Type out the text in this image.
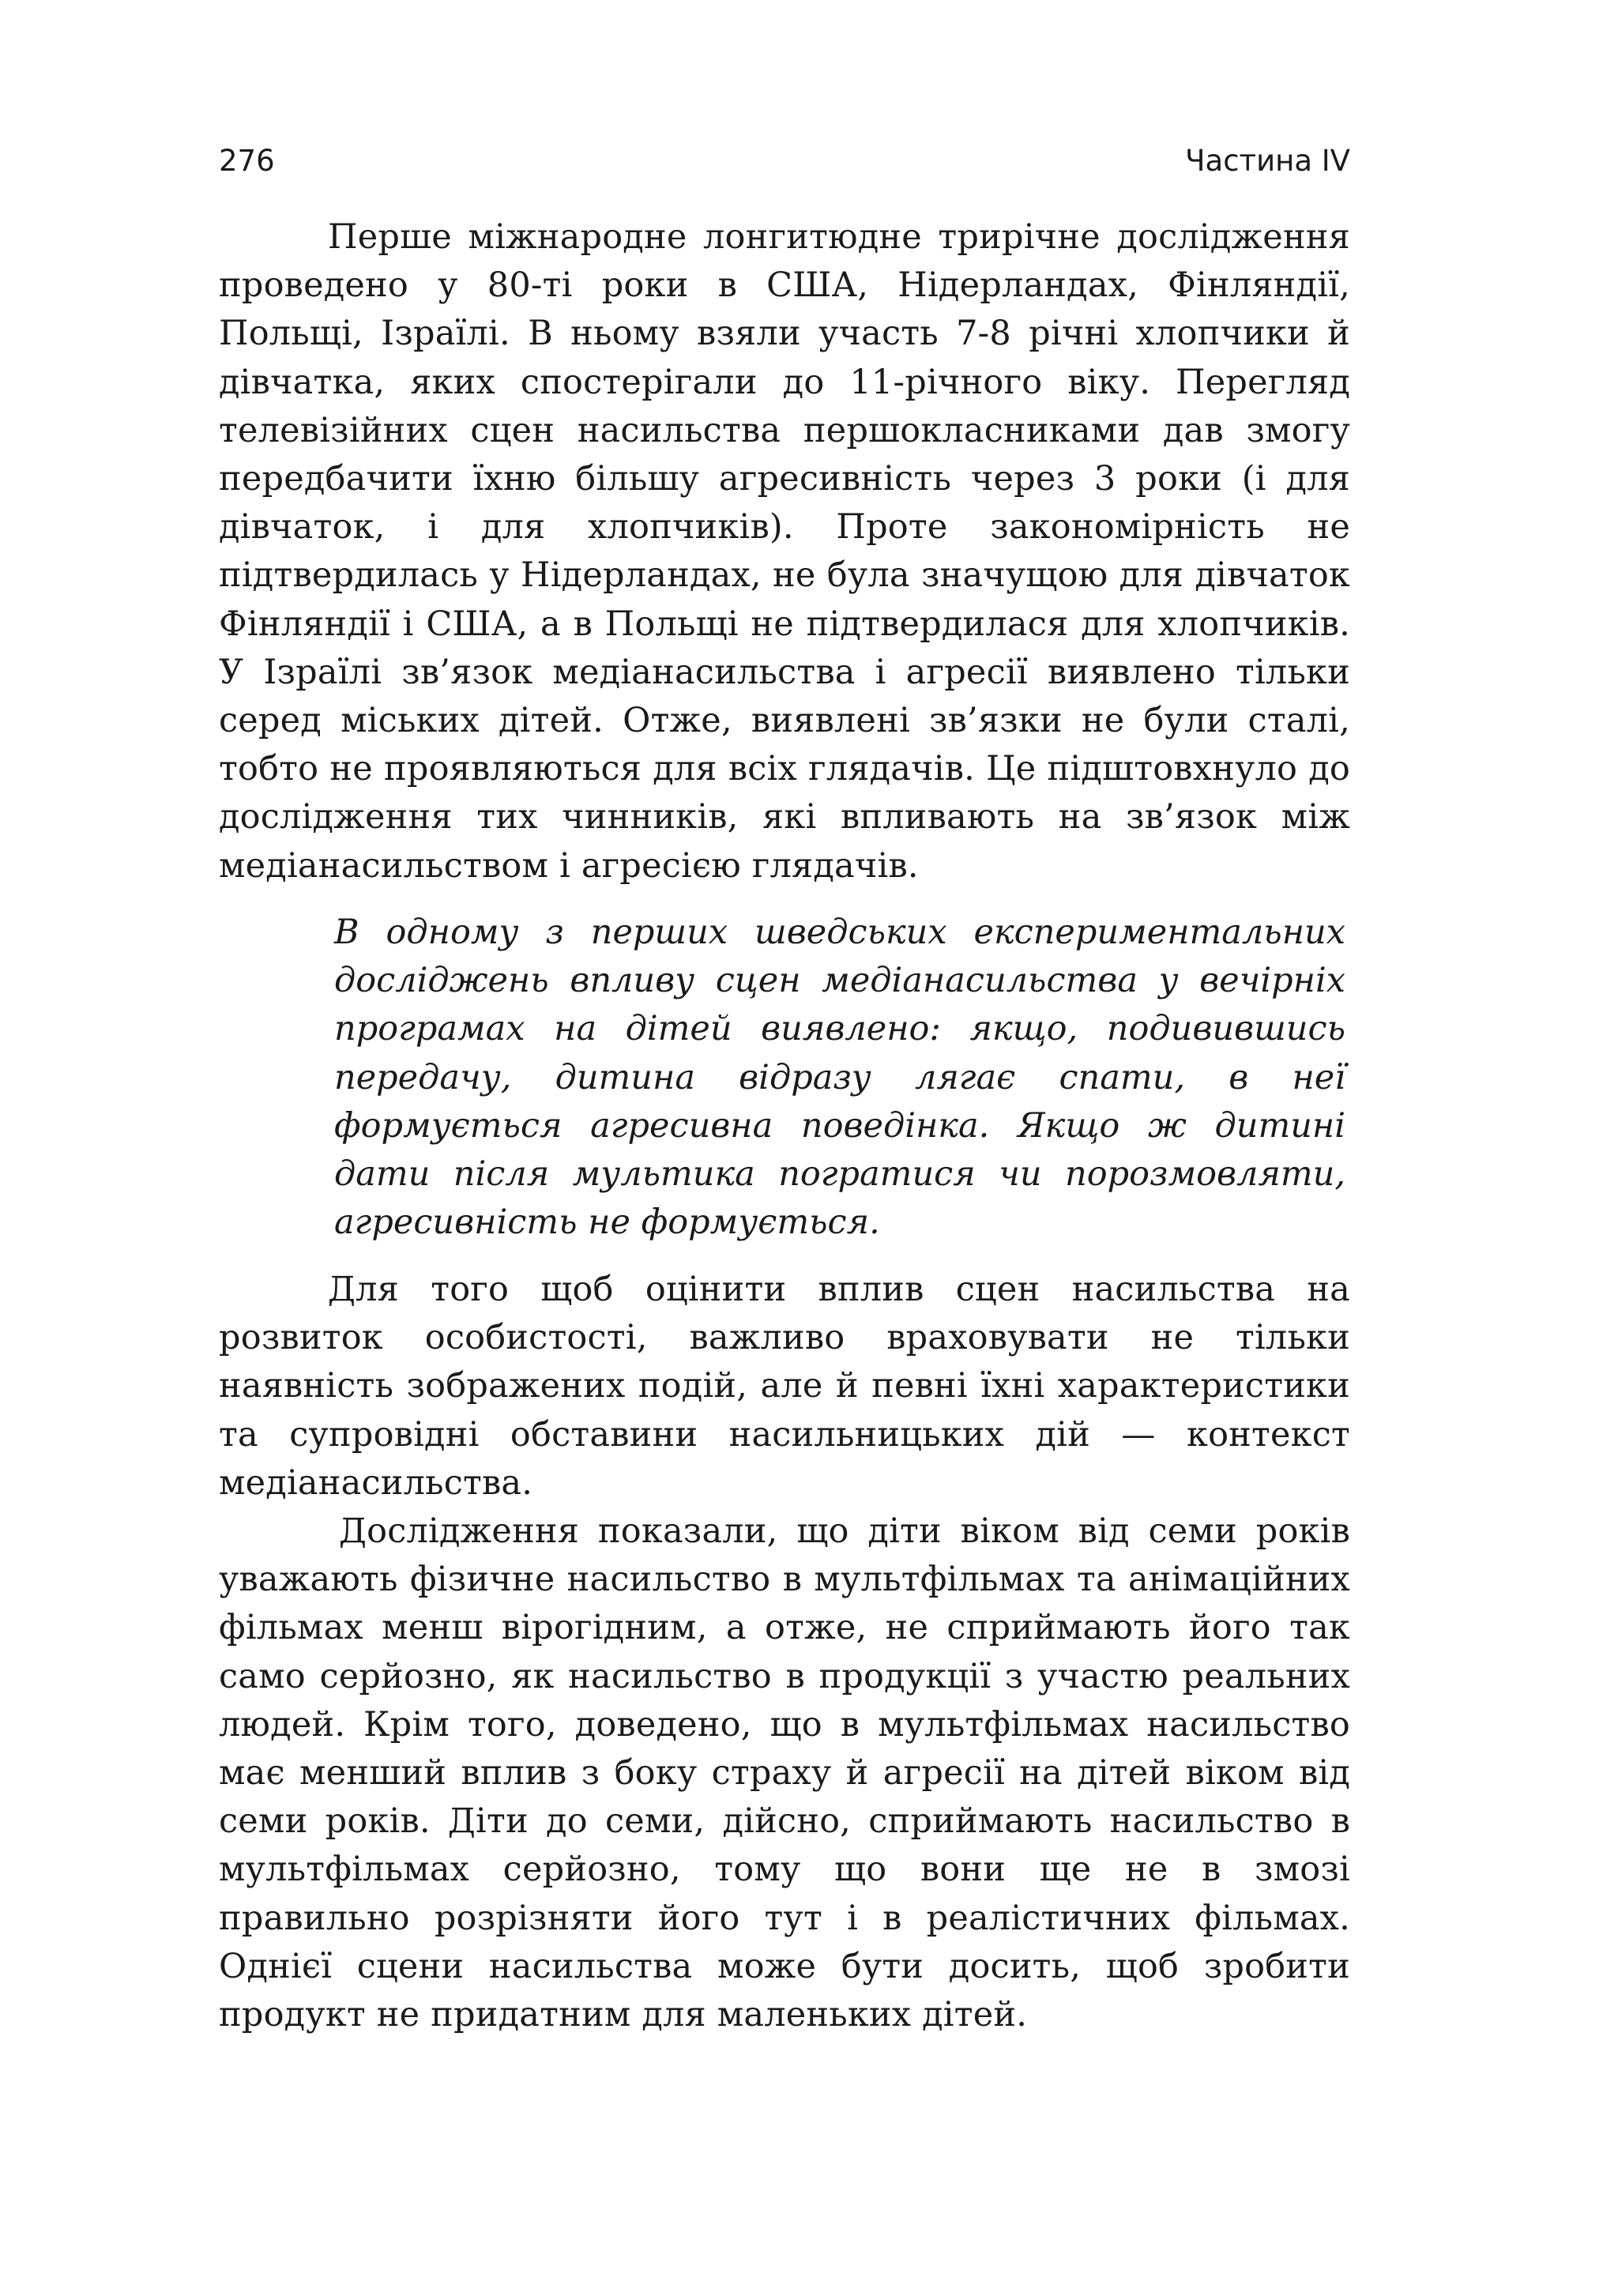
276	Частина IV

Перше міжнародне лонгитюдне трирічне дослідження проведено у 80-ті роки в США, Нідерландах, Фінляндії, Польщі, Ізраїлі. В ньому взяли участь 7-8 річні хлопчики й дівчатка, яких спостерігали до 11-річного віку. Перегляд телевізійних сцен насильства першокласниками дав змогу передбачити їхню більшу агресивність через 3 роки (і для дівчаток, і для хлопчиків). Проте закономірність не підтвердилась у Нідерландах, не була значущою для дівчаток Фінляндії і США, а в Польщі не підтвердилася для хлопчиків. У Ізраїлі зв’язок медіанасильства і агресії виявлено тільки серед міських дітей. Отже, виявлені зв’язки не були сталі, тобто не проявляються для всіх глядачів. Це підштовхнуло до дослідження тих чинників, які впливають на зв’язок між медіанасильством і агресією глядачів.

В одному з перших шведських експериментальних досліджень впливу сцен медіанасильства у вечірніх програмах на дітей виявлено: якщо, подивившись передачу, дитина відразу лягає спати, в неї формується агресивна поведінка. Якщо ж дитині дати після мультика погратися чи порозмовляти, агресивність не формується.

Для того щоб оцінити вплив сцен насильства на розвиток особистості, важливо враховувати не тільки наявність зображених подій, але й певні їхні характеристики та супровідні обставини насильницьких дій — контекст медіанасильства.

Дослідження показали, що діти віком від семи років уважають фізичне насильство в мультфільмах та анімаційних фільмах менш вірогідним, а отже, не сприймають його так само серйозно, як насильство в продукції з участю реальних людей. Крім того, доведено, що в мультфільмах насильство має менший вплив з боку страху й агресії на дітей віком від семи років. Діти до семи, дійсно, сприймають насильство в мультфільмах серйозно, тому що вони ще не в змозі правильно розрізняти його тут і в реалістичних фільмах. Однієї сцени насильства може бути досить, щоб зробити продукт не придатним для маленьких дітей.
